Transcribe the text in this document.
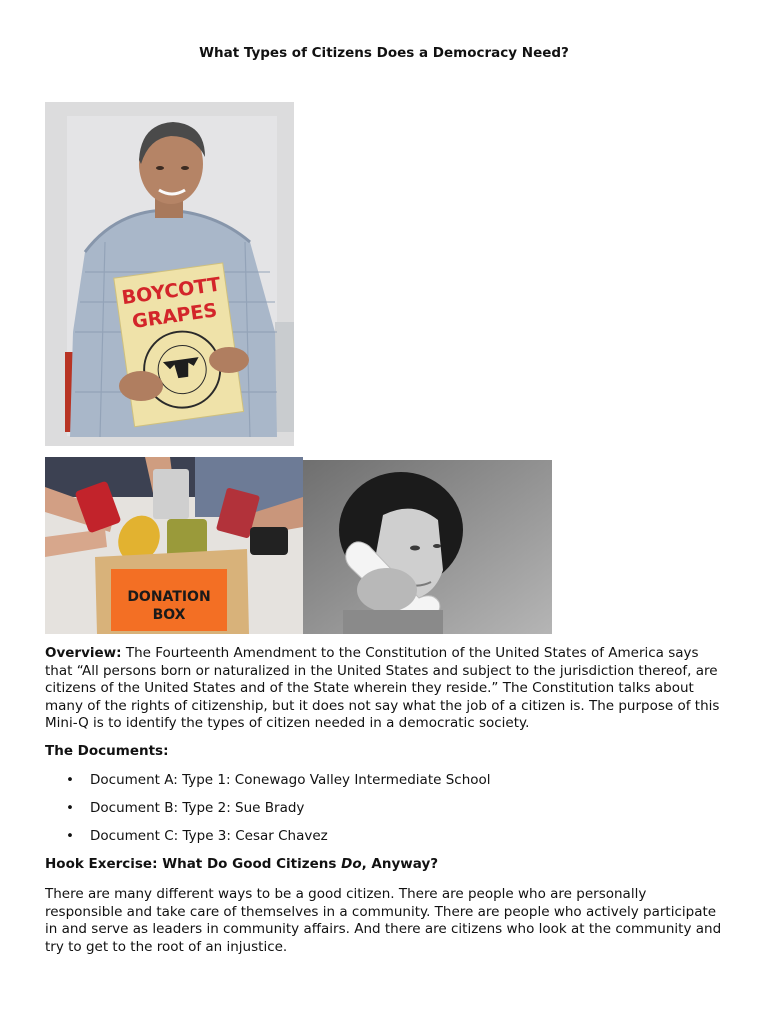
What Types of Citizens Does a Democracy Need?
BOYCOTT
GRAPES
DONATION
BOX
Overview: The Fourteenth Amendment to the Constitution of the United States of America says that “All persons born or naturalized in the United States and subject to the jurisdiction thereof, are citizens of the United States and of the State wherein they reside.” The Constitution talks about many of the rights of citizenship, but it does not say what the job of a citizen is. The purpose of this Mini-Q is to identify the types of citizen needed in a democratic society.
The Documents:
• Document A: Type 1: Conewago Valley Intermediate School
• Document B: Type 2: Sue Brady
• Document C: Type 3: Cesar Chavez
Hook Exercise: What Do Good Citizens Do, Anyway?
There are many different ways to be a good citizen. There are people who are personally responsible and take care of themselves in a community. There are people who actively participate in and serve as leaders in community affairs. And there are citizens who look at the community and try to get to the root of an injustice.
